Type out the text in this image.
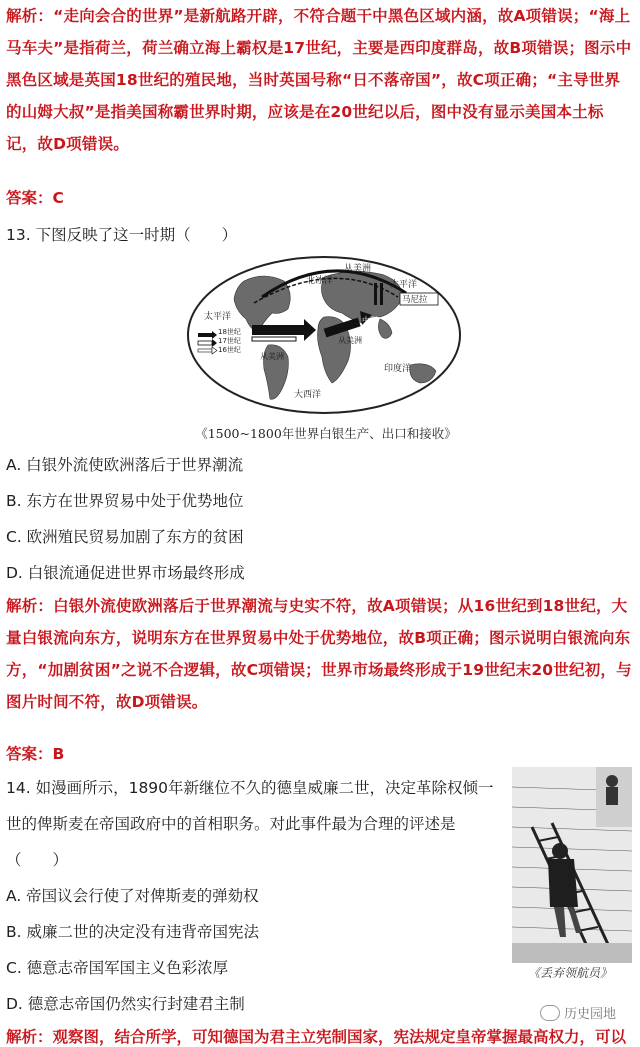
解析：“走向会合的世界”是新航路开辟，不符合题干中黑色区域内涵，故A项错误；“海上马车夫”是指荷兰，荷兰确立海上霸权是17世纪，主要是西印度群岛，故B项错误；图示中黑色区域是英国18世纪的殖民地，当时英国号称“日不落帝国”，故C项正确；“主导世界的山姆大叔”是指美国称霸世界时期，应该是在20世纪以后，图中没有显示美国本土标记，故D项错误。
答案：C
13. 下图反映了这一时期（　　）
太平洋
太平洋
北冰洋
从美洲
从美洲
从美洲
中国
马尼拉
印度洋
大西洋
18世纪
17世纪
16世纪
《1500~1800年世界白银生产、出口和接收》
A. 白银外流使欧洲落后于世界潮流
B. 东方在世界贸易中处于优势地位
C. 欧洲殖民贸易加剧了东方的贫困
D. 白银流通促进世界市场最终形成
解析：白银外流使欧洲落后于世界潮流与史实不符，故A项错误；从16世纪到18世纪，大量白银流向东方，说明东方在世界贸易中处于优势地位，故B项正确；图示说明白银流向东方，“加剧贫困”之说不合逻辑，故C项错误；世界市场最终形成于19世纪末20世纪初，与图片时间不符，故D项错误。
答案：B
14. 如漫画所示，1890年新继位不久的德皇威廉二世，决定革除权倾一
世的俾斯麦在帝国政府中的首相职务。对此事件最为合理的评述是
（　　）
《丢弃领航员》
A. 帝国议会行使了对俾斯麦的弹劾权
B. 威廉二世的决定没有违背帝国宪法
C. 德意志帝国军国主义色彩浓厚
D. 德意志帝国仍然实行封建君主制
历史园地
解析：观察图，结合所学，可知德国为君主立宪制国家，宪法规定皇帝掌握最高权力，可以
